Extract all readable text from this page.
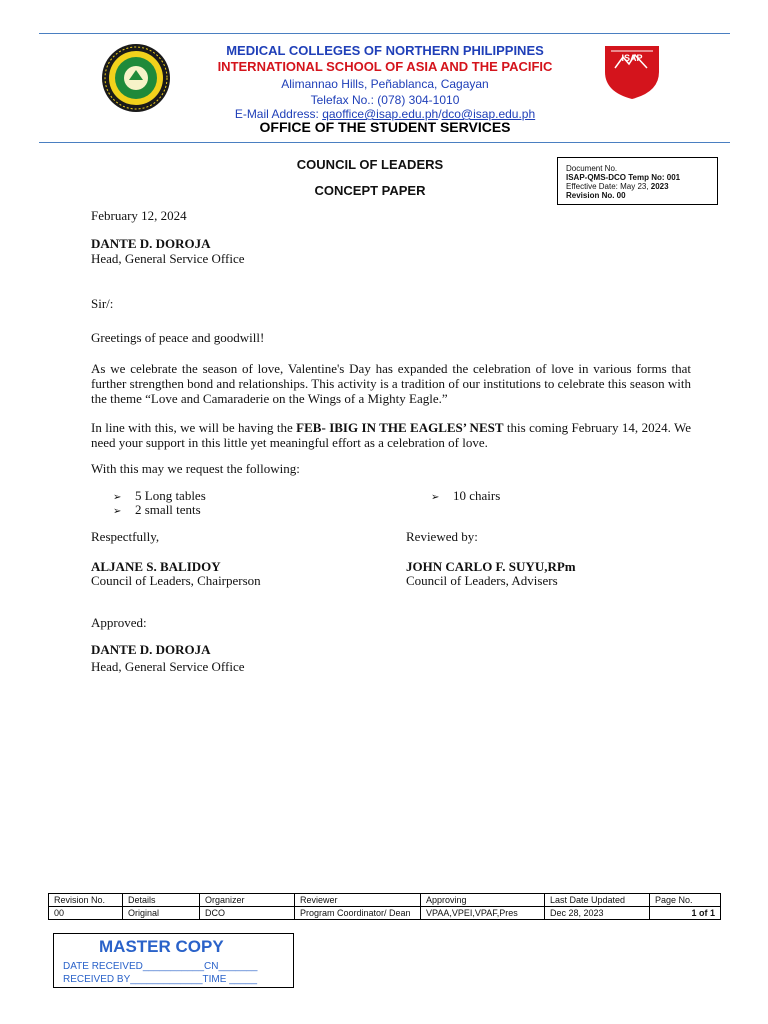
ISAP
MEDICAL COLLEGES OF NORTHERN PHILIPPINES
INTERNATIONAL SCHOOL OF ASIA AND THE PACIFIC
Alimannao Hills, Peñablanca, Cagayan
Telefax No.: (078) 304-1010
E-Mail Address: qaoffice@isap.edu.ph/dco@isap.edu.ph
OFFICE OF THE STUDENT SERVICES
COUNCIL OF LEADERS
CONCEPT PAPER
Document No.
ISAP-QMS-DCO Temp No: 001
Effective Date: May 23, 2023
Revision No. 00
February 12, 2024
DANTE D. DOROJA
Head, General Service Office
Sir/:
Greetings of peace and goodwill!
As we celebrate the season of love, Valentine's Day has expanded the celebration of love in various forms that further strengthen bond and relationships. This activity is a tradition of our institutions to celebrate this season with the theme “Love and Camaraderie on the Wings of a Mighty Eagle.”
In line with this, we will be having the FEB- IBIG IN THE EAGLES’ NEST this coming February 14, 2024. We need your support in this little yet meaningful effort as a celebration of love.
With this may we request the following:
➢ 5 Long tables
➢ 2 small tents
➢ 10 chairs
Respectfully,	Reviewed by:
ALJANE S. BALIDOY
Council of Leaders, Chairperson
JOHN CARLO F. SUYU,RPm
Council of Leaders, Advisers
Approved:
DANTE D. DOROJA
Head, General Service Office
Revision No.	Details	Organizer	Reviewer	Approving	Last Date Updated	Page No.
00	Original	DCO	Program Coordinator/ Dean	VPAA,VPEI,VPAF,Pres	Dec 28, 2023	1 of 1
MASTER COPY
DATE RECEIVED___________CN_______
RECEIVED BY_____________TIME _____
